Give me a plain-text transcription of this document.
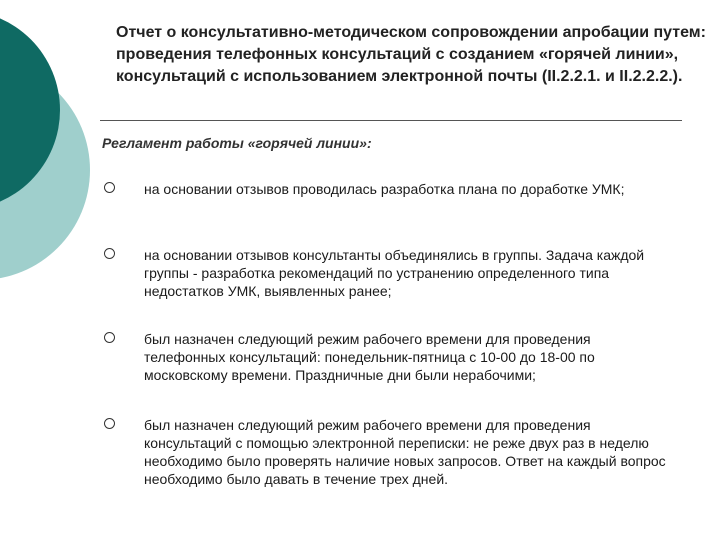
Отчет о консультативно-методическом сопровождении апробации путем: проведения телефонных консультаций с созданием «горячей линии», консультаций с использованием электронной почты (II.2.2.1. и II.2.2.2.).
Регламент работы «горячей линии»:
на основании отзывов проводилась разработка плана по доработке УМК;
на основании отзывов консультанты объединялись в группы. Задача каждой группы - разработка рекомендаций по устранению определенного типа недостатков УМК, выявленных ранее;
был назначен следующий режим рабочего времени для проведения телефонных консультаций: понедельник-пятница с 10-00 до 18-00 по московскому времени. Праздничные дни были нерабочими;
был назначен следующий режим рабочего времени для проведения консультаций с помощью электронной переписки: не реже двух раз в неделю необходимо было проверять наличие новых запросов. Ответ на каждый вопрос необходимо было давать в течение трех дней.
